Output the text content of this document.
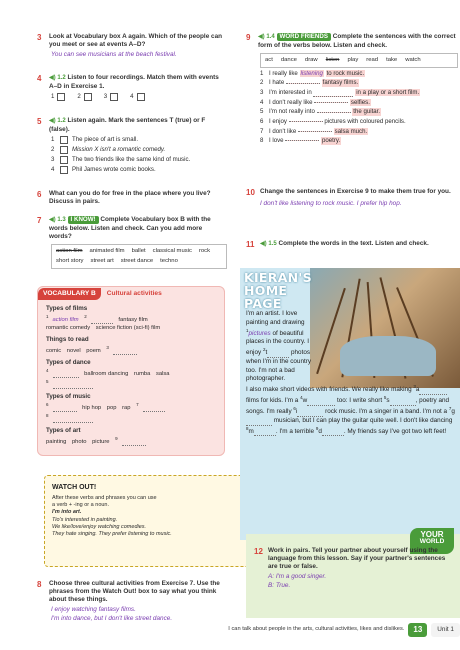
3 Look at Vocabulary box A again. Which of the people can you meet or see at events A–D?
You can see musicians at the beach festival.
4 ◀) 1.2 Listen to four recordings. Match them with events A–D in Exercise 1.
1	2	3	4
5 ◀) 1.2 Listen again. Mark the sentences T (true) or F (false).
1	The piece of art is small.
2	Mission X isn't a romantic comedy.
3	The two friends like the same kind of music.
4	Phil James wrote comic books.
6 What can you do for free in the place where you live? Discuss in pairs.
7 ◀) 1.3 I KNOW! Complete Vocabulary box B with the words below. Listen and check. Can you add more words?
action film animated film ballet classical music rock
short story street art street dance techno
VOCABULARY B	Cultural activities
Types of films
$^1$action film $^2$ fantasy film
romantic comedy science fiction (sci-fi) film
Things to read
comic novel poem $^3$
Types of dance
$^4$ ballroom dancing rumba salsa
$^5$
Types of music
$^6$ hip hop pop rap $^7$
$^8$
Types of art
painting photo picture $^9$
WATCH OUT!

After these verbs and phrases you can use

a verb + -ing or a noun.

I'm into art.

Tio's interested in painting.

We like/love/enjoy watching comedies.

They hate singing. They prefer listening to music.

8 Choose three cultural activities from Exercise 7. Use the phrases from the Watch Out! box to say what you think about these things.
I enjoy watching fantasy films.
I'm into dance, but I don't like street dance.
9 ◀) 1.4 WORD FRIENDS Complete the sentences with the correct form of the verbs below. Listen and check.
act dance draw listen play read take watch
1 I really like
listening
to rock music.
2 I hate

	fantasy films.
3 I'm interested in	in a play or a short film.
4 I don't really like

	selfies.
5 I'm not really into

	the guitar.
6 I enjoy

	pictures with coloured pencils.
7 I don't like

	salsa much.
8 I love

	poetry.
10 Change the sentences in Exercise 9 to make them true for you.
I don't like listening to rock music. I prefer hip hop.
11 ◀) 1.5 Complete the words in the text. Listen and check.
KIERAN'S HOME PAGE
I'm an artist. I love painting and drawing $^1$pictures of beautiful places in the country. I enjoy $^2$t	photos when I'm in the country too. I'm not a bad photographer.
I also make short videos with friends. We really like making $^3$a films for kids. I'm a $^4$w	too: I write short $^5$s	, poetry and songs. I'm really $^6$i	rock music. I'm a singer in a band. I'm not a $^7$g musician, but I can play the guitar quite well. I don't like dancing $^8$m	. I'm a terrible $^9$d	. My friends say I've got two left feet!
YOUR
WORLD
12 Work in pairs. Tell your partner about yourself using the language from this lesson. Say if your partner's sentences are true or false.
A: I'm a good singer.
B: True.
I can talk about people in the arts, cultural activities, likes and dislikes.	13	Unit 1
